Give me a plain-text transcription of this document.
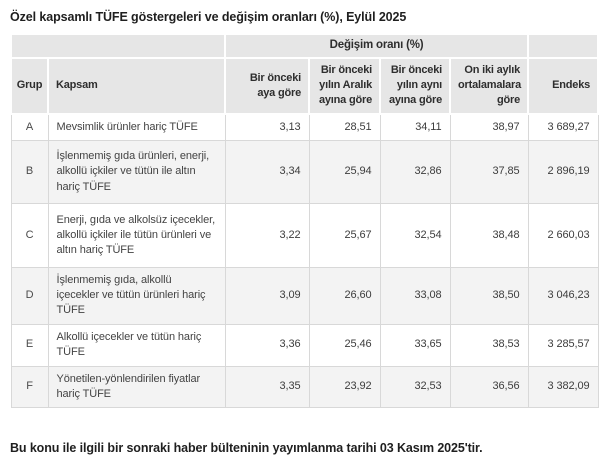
Özel kapsamlı TÜFE göstergeleri ve değişim oranları (%), Eylül 2025
		Değişim oranı (%)				
Grup	Kapsam	Bir önceki aya göre	Bir önceki yılın Aralık ayına göre	Bir önceki yılın aynı ayına göre	On iki aylık ortalamalara göre	Endeks
A	Mevsimlik ürünler hariç TÜFE	3,13	28,51	34,11	38,97	3 689,27
B	İşlenmemiş gıda ürünleri, enerji, alkollü içkiler ve tütün ile altın hariç TÜFE	3,34	25,94	32,86	37,85	2 896,19
C	Enerji, gıda ve alkolsüz içecekler, alkollü içkiler ile tütün ürünleri ve altın hariç TÜFE	3,22	25,67	32,54	38,48	2 660,03
D	İşlenmemiş gıda, alkollü içecekler ve tütün ürünleri hariç TÜFE	3,09	26,60	33,08	38,50	3 046,23
E	Alkollü içecekler ve tütün hariç TÜFE	3,36	25,46	33,65	38,53	3 285,57
F	Yönetilen-yönlendirilen fiyatlar hariç TÜFE	3,35	23,92	32,53	36,56	3 382,09
Bu konu ile ilgili bir sonraki haber bülteninin yayımlanma tarihi 03 Kasım 2025'tir.
